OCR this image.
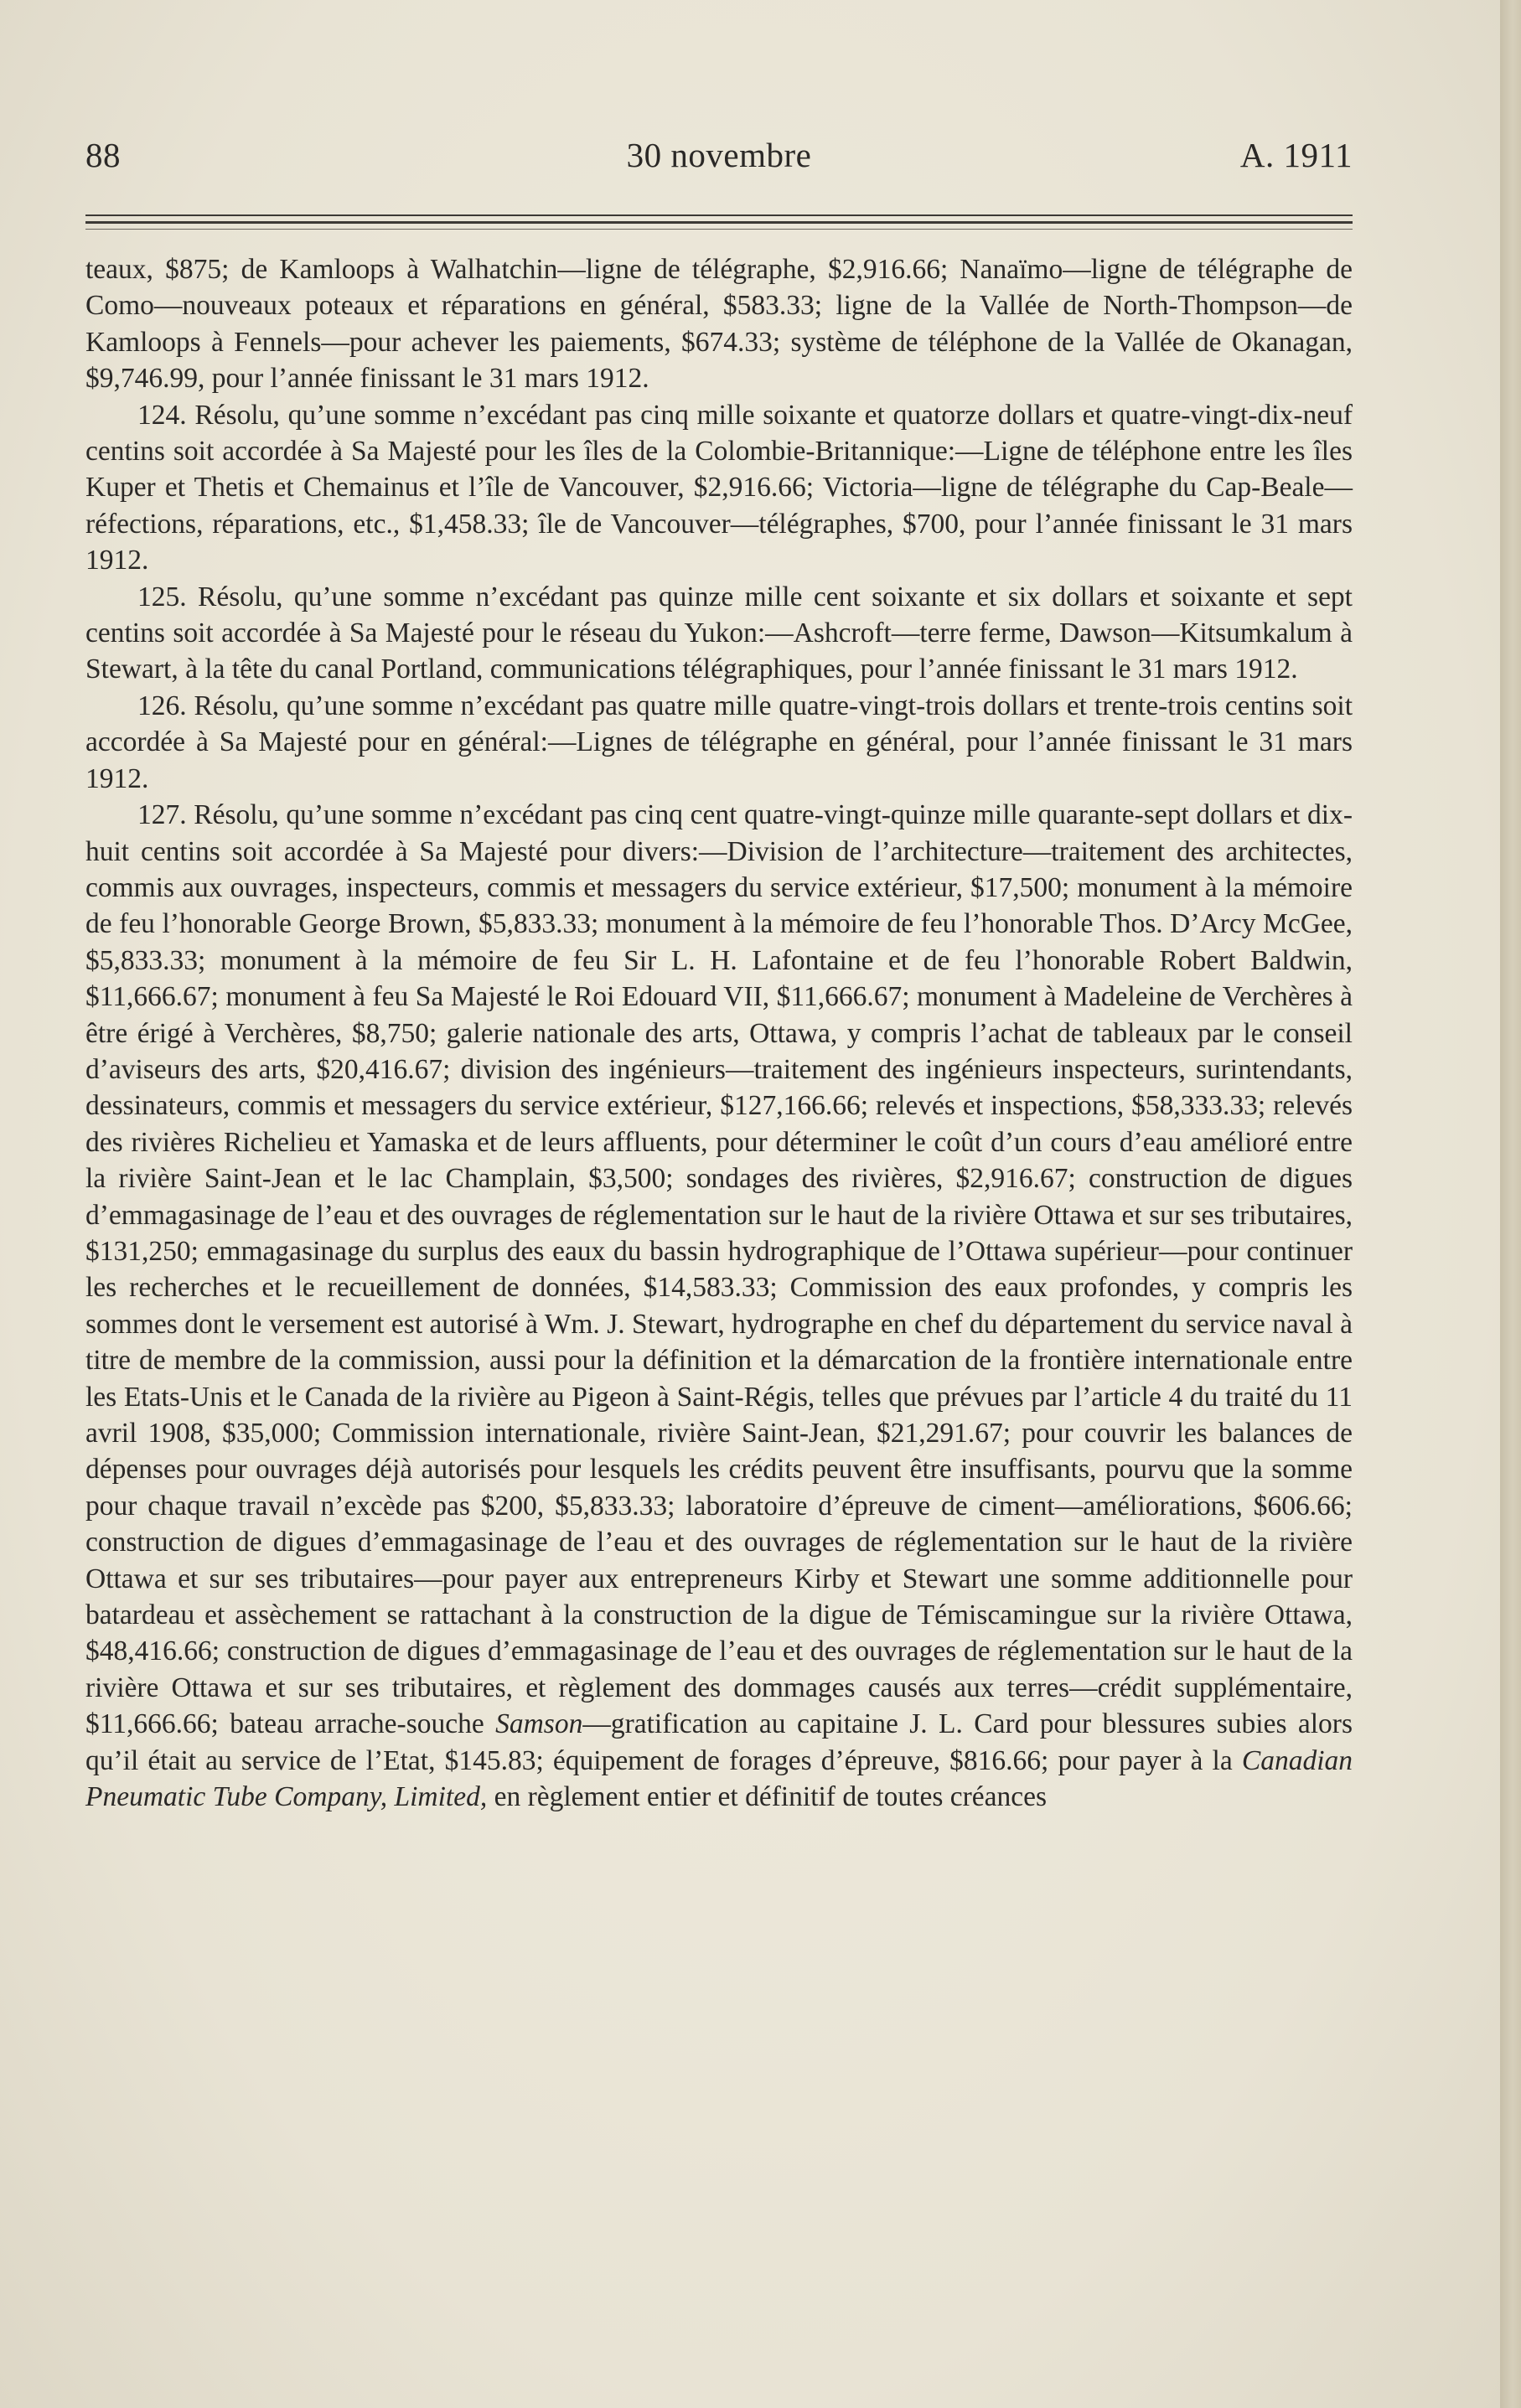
30 novembre
88	A. 1911

teaux, $875; de Kamloops à Walhatchin—ligne de télégraphe, $2,916.66; Nanaïmo—ligne de télégraphe de Como—nouveaux poteaux et réparations en général, $583.33; ligne de la Vallée de North-Thompson—de Kamloops à Fennels—pour achever les paiements, $674.33; système de téléphone de la Vallée de Okanagan, $9,746.99, pour l’année finissant le 31 mars 1912.

124. Résolu, qu’une somme n’excédant pas cinq mille soixante et quatorze dollars et quatre-vingt-dix-neuf centins soit accordée à Sa Majesté pour les îles de la Colombie-Britannique:—Ligne de téléphone entre les îles Kuper et Thetis et Chemainus et l’île de Vancouver, $2,916.66; Victoria—ligne de télégraphe du Cap-Beale—réfections, réparations, etc., $1,458.33; île de Vancouver—télégraphes, $700, pour l’année finissant le 31 mars 1912.

125. Résolu, qu’une somme n’excédant pas quinze mille cent soixante et six dollars et soixante et sept centins soit accordée à Sa Majesté pour le réseau du Yukon:—Ashcroft—terre ferme, Dawson—Kitsumkalum à Stewart, à la tête du canal Portland, communications télégraphiques, pour l’année finissant le 31 mars 1912.

126. Résolu, qu’une somme n’excédant pas quatre mille quatre-vingt-trois dollars et trente-trois centins soit accordée à Sa Majesté pour en général:—Lignes de télégraphe en général, pour l’année finissant le 31 mars 1912.

127. Résolu, qu’une somme n’excédant pas cinq cent quatre-vingt-quinze mille quarante-sept dollars et dix-huit centins soit accordée à Sa Majesté pour divers:—Division de l’architecture—traitement des architectes, commis aux ouvrages, inspecteurs, commis et messagers du service extérieur, $17,500; monument à la mémoire de feu l’honorable George Brown, $5,833.33; monument à la mémoire de feu l’honorable Thos. D’Arcy McGee, $5,833.33; monument à la mémoire de feu Sir L. H. Lafontaine et de feu l’honorable Robert Baldwin, $11,666.67; monument à feu Sa Majesté le Roi Edouard VII, $11,666.67; monument à Madeleine de Verchères à être érigé à Verchères, $8,750; galerie nationale des arts, Ottawa, y compris l’achat de tableaux par le conseil d’aviseurs des arts, $20,416.67; division des ingénieurs—traitement des ingénieurs inspecteurs, surintendants, dessinateurs, commis et messagers du service extérieur, $127,166.66; relevés et inspections, $58,333.33; relevés des rivières Richelieu et Yamaska et de leurs affluents, pour déterminer le coût d’un cours d’eau amélioré entre la rivière Saint-Jean et le lac Champlain, $3,500; sondages des rivières, $2,916.67; construction de digues d’emmagasinage de l’eau et des ouvrages de réglementation sur le haut de la rivière Ottawa et sur ses tributaires, $131,250; emmagasinage du surplus des eaux du bassin hydrographique de l’Ottawa supérieur—pour continuer les recherches et le recueillement de données, $14,583.33; Commission des eaux profondes, y compris les sommes dont le versement est autorisé à Wm. J. Stewart, hydrographe en chef du département du service naval à titre de membre de la commission, aussi pour la définition et la démarcation de la frontière internationale entre les Etats-Unis et le Canada de la rivière au Pigeon à Saint-Régis, telles que prévues par l’article 4 du traité du 11 avril 1908, $35,000; Commission internationale, rivière Saint-Jean, $21,291.67; pour couvrir les balances de dépenses pour ouvrages déjà autorisés pour lesquels les crédits peuvent être insuffisants, pourvu que la somme pour chaque travail n’excède pas $200, $5,833.33; laboratoire d’épreuve de ciment—améliorations, $606.66; construction de digues d’emmagasinage de l’eau et des ouvrages de réglementation sur le haut de la rivière Ottawa et sur ses tributaires—pour payer aux entrepreneurs Kirby et Stewart une somme additionnelle pour batardeau et assèchement se rattachant à la construction de la digue de Témiscamingue sur la rivière Ottawa, $48,416.66; construction de digues d’emmagasinage de l’eau et des ouvrages de réglementation sur le haut de la rivière Ottawa et sur ses tributaires, et règlement des dommages causés aux terres—crédit supplémentaire, $11,666.66; bateau arrache-souche Samson—gratification au capitaine J. L. Card pour blessures subies alors qu’il était au service de l’Etat, $145.83; équipement de forages d’épreuve, $816.66; pour payer à la Canadian Pneumatic Tube Company, Limited, en règlement entier et définitif de toutes créances
